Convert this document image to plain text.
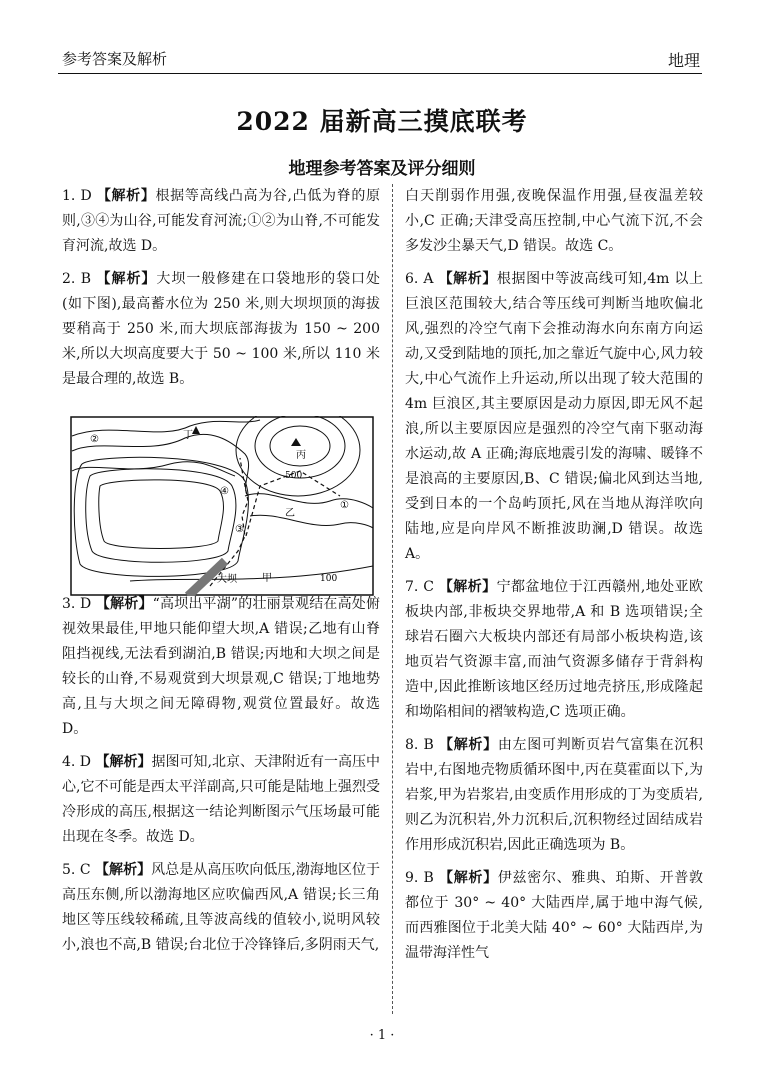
参考答案及解析	地理
2022 届新高三摸底联考
地理参考答案及评分细则
1. D 【解析】根据等高线凸高为谷,凸低为脊的原则,③④为山谷,可能发育河流;①②为山脊,不可能发育河流,故选 D。
2. B 【解析】大坝一般修建在口袋地形的袋口处(如下图),最高蓄水位为 250 米,则大坝坝顶的海拔要稍高于 250 米,而大坝底部海拔为 150 ~ 200 米,所以大坝高度要大于 50 ~ 100 米,所以 110 米是最合理的,故选 B。
3. D 【解析】“高坝出平湖”的壮丽景观结在高处俯视效果最佳,甲地只能仰望大坝,A 错误;乙地有山脊阻挡视线,无法看到湖泊,B 错误;丙地和大坝之间是较长的山脊,不易观赏到大坝景观,C 错误;丁地地势高,且与大坝之间无障碍物,观赏位置最好。故选 D。
4. D 【解析】据图可知,北京、天津附近有一高压中心,它不可能是西太平洋副高,只可能是陆地上强烈受冷形成的高压,根据这一结论判断图示气压场最可能出现在冬季。故选 D。
5. C 【解析】风总是从高压吹向低压,渤海地区位于高压东侧,所以渤海地区应吹偏西风,A 错误;长三角地区等压线较稀疏,且等波高线的值较小,说明风较小,浪也不高,B 错误;台北位于冷锋锋后,多阴雨天气,
白天削弱作用强,夜晚保温作用强,昼夜温差较小,C 正确;天津受高压控制,中心气流下沉,不会多发沙尘暴天气,D 错误。故选 C。
6. A 【解析】根据图中等波高线可知,4m 以上巨浪区范围较大,结合等压线可判断当地吹偏北风,强烈的冷空气南下会推动海水向东南方向运动,又受到陆地的顶托,加之靠近气旋中心,风力较大,中心气流作上升运动,所以出现了较大范围的 4m 巨浪区,其主要原因是动力原因,即无风不起浪,所以主要原因应是强烈的冷空气南下驱动海水运动,故 A 正确;海底地震引发的海啸、暖锋不是浪高的主要原因,B、C 错误;偏北风到达当地,受到日本的一个岛屿顶托,风在当地从海洋吹向陆地,应是向岸风不断推波助澜,D 错误。故选 A。
7. C 【解析】宁都盆地位于江西赣州,地处亚欧板块内部,非板块交界地带,A 和 B 选项错误;全球岩石圈六大板块内部还有局部小板块构造,该地页岩气资源丰富,而油气资源多储存于背斜构造中,因此推断该地区经历过地壳挤压,形成隆起和坳陷相间的褶皱构造,C 选项正确。
8. B 【解析】由左图可判断页岩气富集在沉积岩中,右图地壳物质循环图中,丙在莫霍面以下,为岩浆,甲为岩浆岩,由变质作用形成的丁为变质岩,则乙为沉积岩,外力沉积后,沉积物经过固结成岩作用形成沉积岩,因此正确选项为 B。
9. B 【解析】伊兹密尔、雅典、珀斯、开普敦都位于 30° ~ 40° 大陆西岸,属于地中海气候,而西雅图位于北美大陆 40° ~ 60° 大陆西岸,为温带海洋性气
丁
丙
②
④
③
500
乙
①
大坝	甲	100
· 1 ·
